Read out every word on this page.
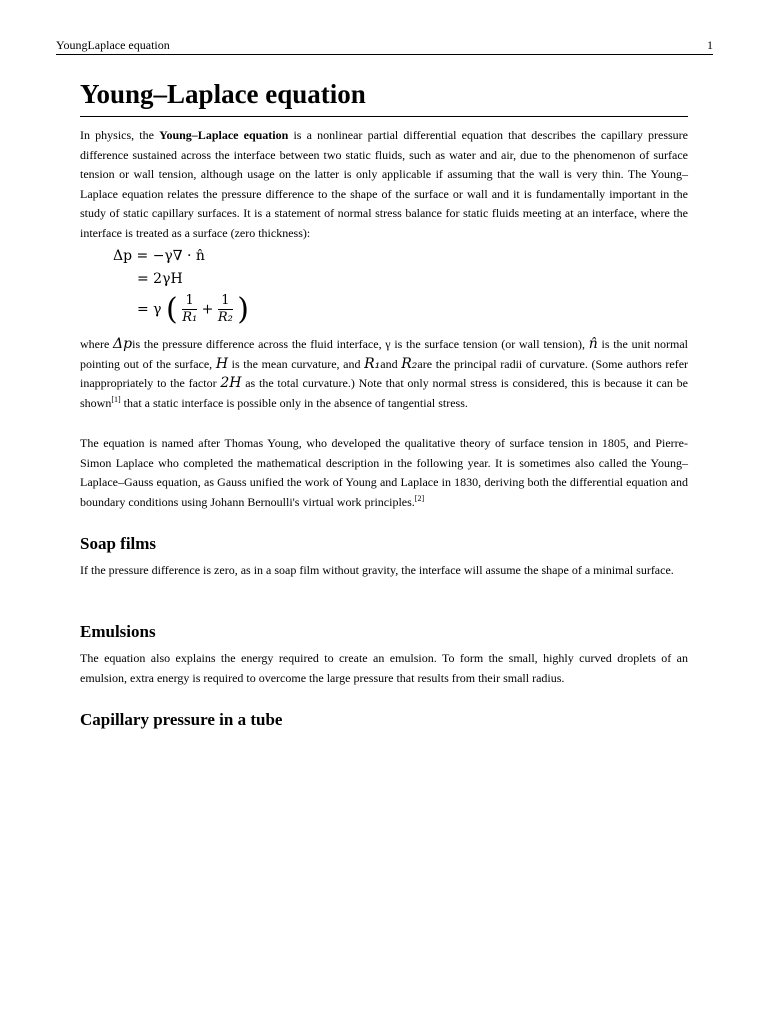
YoungLaplace equation	1
Young–Laplace equation

In physics, the Young–Laplace equation is a nonlinear partial differential equation that describes the capillary pressure difference sustained across the interface between two static fluids, such as water and air, due to the phenomenon of surface tension or wall tension, although usage on the latter is only applicable if assuming that the wall is very thin. The Young–Laplace equation relates the pressure difference to the shape of the surface or wall and it is fundamentally important in the study of static capillary surfaces. It is a statement of normal stress balance for static fluids meeting at an interface, where the interface is treated as a surface (zero thickness):

Δp = −γ∇ · n̂
= 2γH
= γ ( $\frac{1}{\text{R₁}} + \frac{1}{\text{R₂}}$ )

where Δpis the pressure difference across the fluid interface, γ is the surface tension (or wall tension), n̂ is the unit normal pointing out of the surface, H is the mean curvature, and R₁and R₂are the principal radii of curvature. (Some authors refer inappropriately to the factor 2H as the total curvature.) Note that only normal stress is considered, this is because it can be shown[1] that a static interface is possible only in the absence of tangential stress.

The equation is named after Thomas Young, who developed the qualitative theory of surface tension in 1805, and Pierre-Simon Laplace who completed the mathematical description in the following year. It is sometimes also called the Young–Laplace–Gauss equation, as Gauss unified the work of Young and Laplace in 1830, deriving both the differential equation and boundary conditions using Johann Bernoulli's virtual work principles.[2]

Soap films

If the pressure difference is zero, as in a soap film without gravity, the interface will assume the shape of a minimal surface.

Emulsions

The equation also explains the energy required to create an emulsion. To form the small, highly curved droplets of an emulsion, extra energy is required to overcome the large pressure that results from their small radius.

Capillary pressure in a tube
